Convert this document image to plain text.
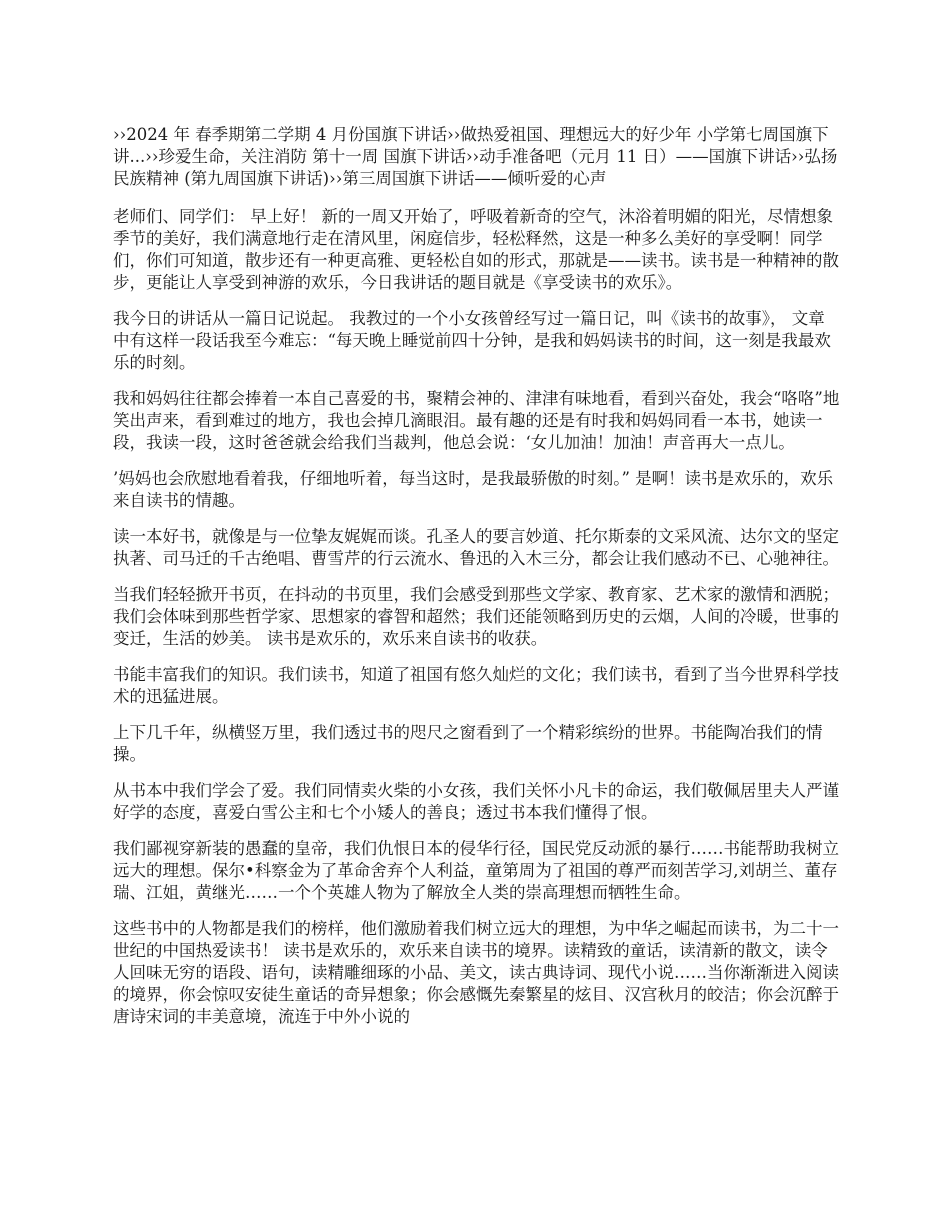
››2024 年 春季期第二学期 4 月份国旗下讲话››做热爱祖国、理想远大的好少年 小学第七周国旗下讲...››珍爱生命，关注消防 第十一周 国旗下讲话››动手准备吧（元月 11 日）——国旗下讲话››弘扬民族精神 (第九周国旗下讲话)››第三周国旗下讲话——倾听爱的心声

老师们、同学们： 早上好！ 新的一周又开始了，呼吸着新奇的空气，沐浴着明媚的阳光，尽情想象季节的美好，我们满意地行走在清风里，闲庭信步，轻松释然，这是一种多么美好的享受啊！同学们，你们可知道，散步还有一种更高雅、更轻松自如的形式，那就是——读书。读书是一种精神的散步，更能让人享受到神游的欢乐，今日我讲话的题目就是《享受读书的欢乐》。

我今日的讲话从一篇日记说起。 我教过的一个小女孩曾经写过一篇日记，叫《读书的故事》， 文章中有这样一段话我至今难忘：“每天晚上睡觉前四十分钟，是我和妈妈读书的时间，这一刻是我最欢乐的时刻。

我和妈妈往往都会捧着一本自己喜爱的书，聚精会神的、津津有味地看，看到兴奋处，我会“咯咯”地笑出声来，看到难过的地方，我也会掉几滴眼泪。最有趣的还是有时我和妈妈同看一本书，她读一段，我读一段，这时爸爸就会给我们当裁判，他总会说：‘女儿加油！加油！声音再大一点儿。

’妈妈也会欣慰地看着我，仔细地听着，每当这时，是我最骄傲的时刻。” 是啊！读书是欢乐的，欢乐来自读书的情趣。

读一本好书，就像是与一位挚友娓娓而谈。孔圣人的要言妙道、托尔斯泰的文采风流、达尔文的坚定执著、司马迁的千古绝唱、曹雪芹的行云流水、鲁迅的入木三分，都会让我们感动不已、心驰神往。

当我们轻轻掀开书页，在抖动的书页里，我们会感受到那些文学家、教育家、艺术家的激情和洒脱；我们会体味到那些哲学家、思想家的睿智和超然；我们还能领略到历史的云烟，人间的冷暖，世事的变迁，生活的妙美。 读书是欢乐的，欢乐来自读书的收获。

书能丰富我们的知识。我们读书，知道了祖国有悠久灿烂的文化；我们读书，看到了当今世界科学技术的迅猛进展。

上下几千年，纵横竖万里，我们透过书的咫尺之窗看到了一个精彩缤纷的世界。书能陶冶我们的情操。

从书本中我们学会了爱。我们同情卖火柴的小女孩，我们关怀小凡卡的命运，我们敬佩居里夫人严谨好学的态度，喜爱白雪公主和七个小矮人的善良；透过书本我们懂得了恨。

我们鄙视穿新装的愚蠢的皇帝，我们仇恨日本的侵华行径，国民党反动派的暴行……书能帮助我树立远大的理想。保尔•科察金为了革命舍弃个人利益，童第周为了祖国的尊严而刻苦学习,刘胡兰、董存瑞、江姐，黄继光……一个个英雄人物为了解放全人类的崇高理想而牺牲生命。

这些书中的人物都是我们的榜样，他们激励着我们树立远大的理想，为中华之崛起而读书，为二十一世纪的中国热爱读书！ 读书是欢乐的，欢乐来自读书的境界。读精致的童话，读清新的散文，读令人回味无穷的语段、语句，读精雕细琢的小品、美文，读古典诗词、现代小说……当你渐渐进入阅读的境界，你会惊叹安徒生童话的奇异想象；你会感慨先秦繁星的炫目、汉宫秋月的皎洁；你会沉醉于唐诗宋词的丰美意境，流连于中外小说的
